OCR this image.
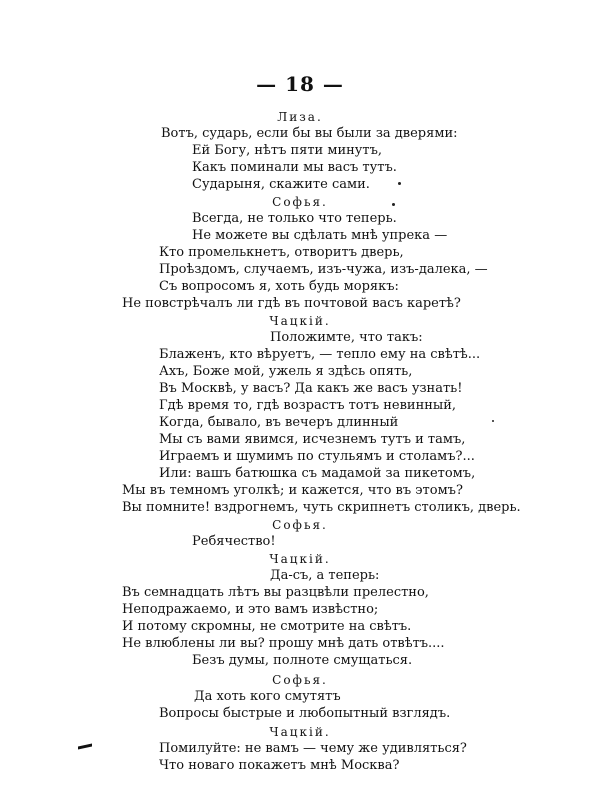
— 18 —
Лиза.
Вотъ, сударь, если бы вы были за дверями:
Ей Богу, нѣтъ пяти минутъ,
Какъ поминали мы васъ тутъ.
Сударыня, скажите сами.
Софья.
Всегда, не только что теперь.
Не можете вы сдѣлать мнѣ упрека —
Кто промелькнетъ, отворитъ дверь,
Проѣздомъ, случаемъ, изъ-чужа, изъ-далека, —
Съ вопросомъ я, хоть будь морякъ:
Не повстрѣчалъ ли гдѣ въ почтовой васъ каретѣ?
Чацкій.
Положимте, что такъ:
Блаженъ, кто вѣруетъ, — тепло ему на свѣтѣ...
Ахъ, Боже мой, ужель я здѣсь опять,
Въ Москвѣ, у васъ? Да какъ же васъ узнать!
Гдѣ время то, гдѣ возрастъ тотъ невинный,
Когда, бывало, въ вечеръ длинный
Мы съ вами явимся, исчезнемъ тутъ и тамъ,
Играемъ и шумимъ по стульямъ и столамъ?...
Или: вашъ батюшка съ мадамой за пикетомъ,
Мы въ темномъ уголкѣ; и кажется, что въ этомъ?
Вы помните! вздрогнемъ, чуть скрипнетъ столикъ, дверь.
Софья.
Ребячество!
Чацкій.
Да-съ, а теперь:
Въ семнадцать лѣтъ вы разцвѣли прелестно,
Неподражаемо, и это вамъ извѣстно;
И потому скромны, не смотрите на свѣтъ.
Не влюблены ли вы? прошу мнѣ дать отвѣтъ....
Безъ думы, полноте смущаться.
Софья.
Да хоть кого смутятъ
Вопросы быстрые и любопытный взглядъ.
Чацкій.
Помилуйте: не вамъ — чему же удивляться?
Что новаго покажетъ мнѣ Москва?
